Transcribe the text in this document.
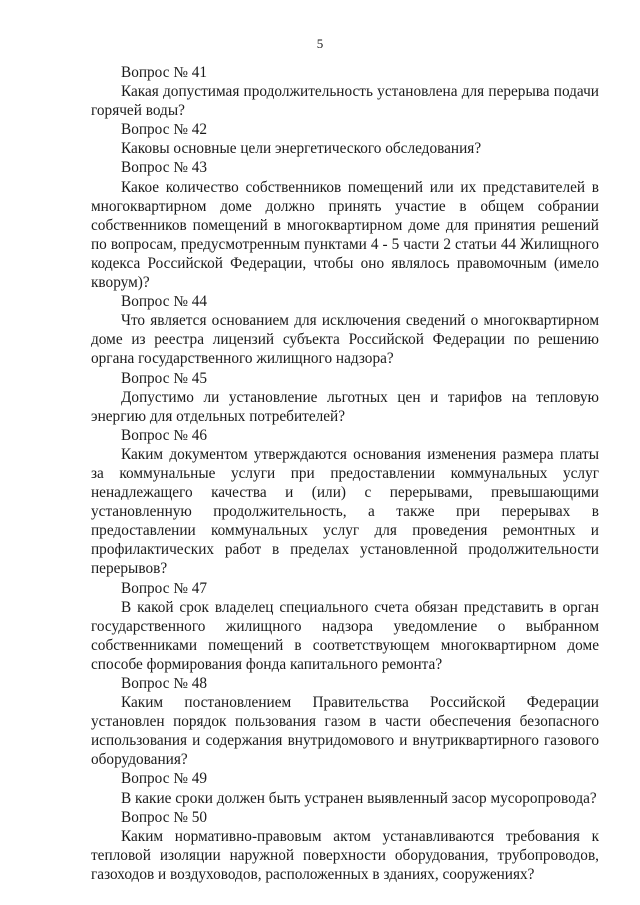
5

Вопрос № 41

Какая допустимая продолжительность установлена для перерыва подачи горячей воды?

Вопрос № 42

Каковы основные цели энергетического обследования?

Вопрос № 43

Какое количество собственников помещений или их представителей в многоквартирном доме должно принять участие в общем собрании собственников помещений в многоквартирном доме для принятия решений по вопросам, предусмотренным пунктами 4 - 5 части 2 статьи 44 Жилищного кодекса Российской Федерации, чтобы оно являлось правомочным (имело кворум)?

Вопрос № 44

Что является основанием для исключения сведений о многоквартирном доме из реестра лицензий субъекта Российской Федерации по решению органа государственного жилищного надзора?

Вопрос № 45

Допустимо ли установление льготных цен и тарифов на тепловую энергию для отдельных потребителей?

Вопрос № 46

Каким документом утверждаются основания изменения размера платы за коммунальные услуги при предоставлении коммунальных услуг ненадлежащего качества и (или) с перерывами, превышающими установленную продолжительность, а также при перерывах в предоставлении коммунальных услуг для проведения ремонтных и профилактических работ в пределах установленной продолжительности перерывов?

Вопрос № 47

В какой срок владелец специального счета обязан представить в орган государственного жилищного надзора уведомление о выбранном собственниками помещений в соответствующем многоквартирном доме способе формирования фонда капитального ремонта?

Вопрос № 48

Каким постановлением Правительства Российской Федерации установлен порядок пользования газом в части обеспечения безопасного использования и содержания внутридомового и внутриквартирного газового оборудования?

Вопрос № 49

В какие сроки должен быть устранен выявленный засор мусоропровода?

Вопрос № 50

Каким нормативно-правовым актом устанавливаются требования к тепловой изоляции наружной поверхности оборудования, трубопроводов, газоходов и воздуховодов, расположенных в зданиях, сооружениях?
